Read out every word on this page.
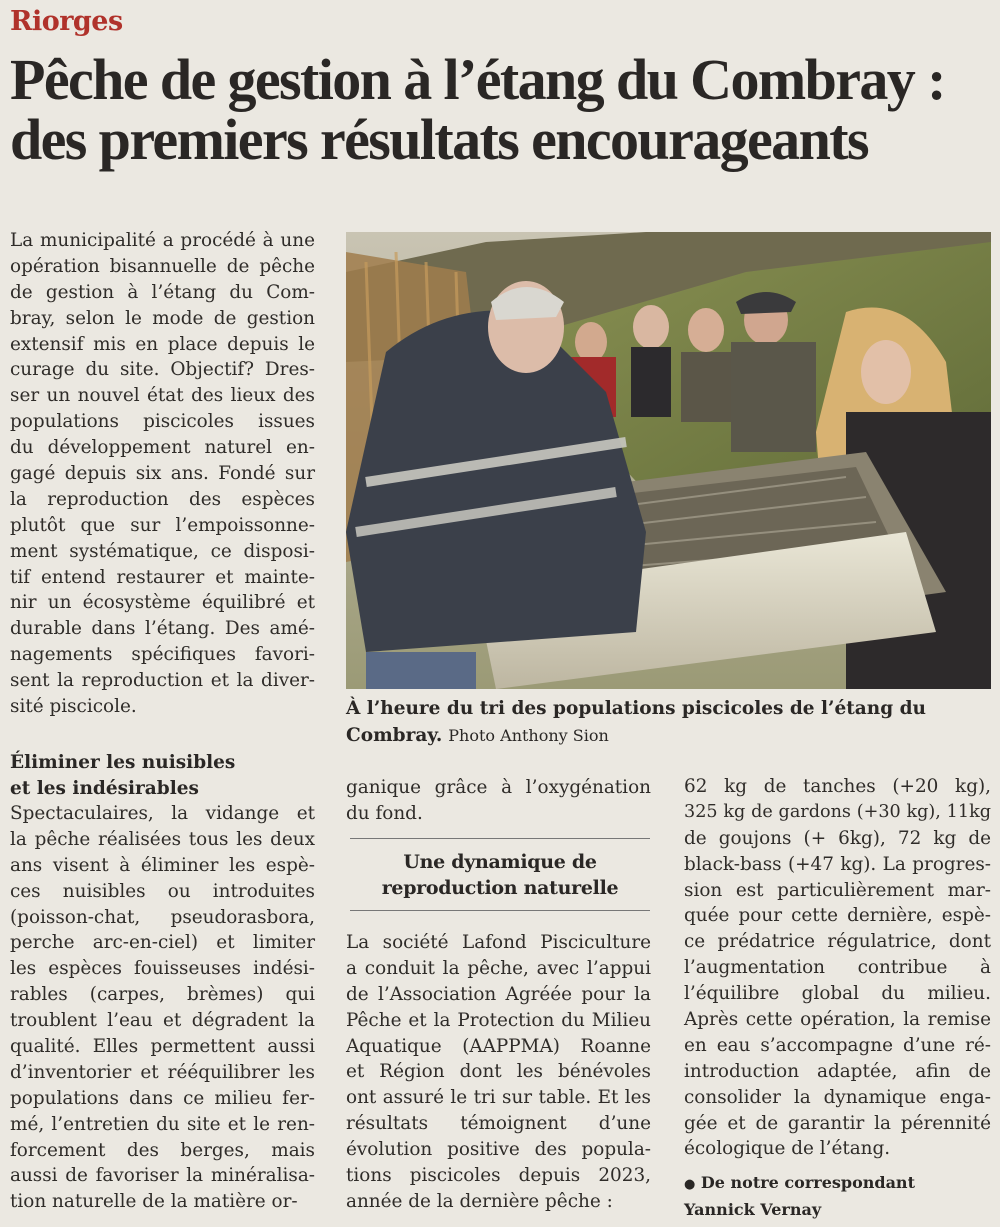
Riorges
Pêche de gestion à l’étang du Combray :
des premiers résultats encourageants
La municipalité a procédé à une
opération bisannuelle de pêche
de gestion à l’étang du Com-
bray, selon le mode de gestion
extensif mis en place depuis le
curage du site. Objectif? Dres-
ser un nouvel état des lieux des
populations piscicoles issues
du développement naturel en-
gagé depuis six ans. Fondé sur
la reproduction des espèces
plutôt que sur l’empoissonne-
ment systématique, ce disposi-
tif entend restaurer et mainte-
nir un écosystème équilibré et
durable dans l’étang. Des amé-
nagements spécifiques favori-
sent la reproduction et la diver-
sité piscicole.
Éliminer les nuisibles
et les indésirables
Spectaculaires, la vidange et
la pêche réalisées tous les deux
ans visent à éliminer les espè-
ces nuisibles ou introduites
(poisson-chat, pseudorasbora,
perche arc-en-ciel) et limiter
les espèces fouisseuses indési-
rables (carpes, brèmes) qui
troublent l’eau et dégradent la
qualité. Elles permettent aussi
d’inventorier et rééquilibrer les
populations dans ce milieu fer-
mé, l’entretien du site et le ren-
forcement des berges, mais
aussi de favoriser la minéralisa-
tion naturelle de la matière or-
À l’heure du tri des populations piscicoles de l’étang du Combray. Photo Anthony Sion
ganique grâce à l’oxygénation
du fond.
Une dynamique de
reproduction naturelle
La société Lafond Pisciculture
a conduit la pêche, avec l’appui
de l’Association Agréée pour la
Pêche et la Protection du Milieu
Aquatique (AAPPMA) Roanne
et Région dont les bénévoles
ont assuré le tri sur table. Et les
résultats témoignent d’une
évolution positive des popula-
tions piscicoles depuis 2023,
année de la dernière pêche :
62 kg de tanches (+20 kg),
325 kg de gardons (+30 kg), 11kg
de goujons (+ 6kg), 72 kg de
black-bass (+47 kg). La progres-
sion est particulièrement mar-
quée pour cette dernière, espè-
ce prédatrice régulatrice, dont
l’augmentation contribue à
l’équilibre global du milieu.
Après cette opération, la remise
en eau s’accompagne d’une ré-
introduction adaptée, afin de
consolider la dynamique enga-
gée et de garantir la pérennité
écologique de l’étang.
● De notre correspondant
Yannick Vernay
